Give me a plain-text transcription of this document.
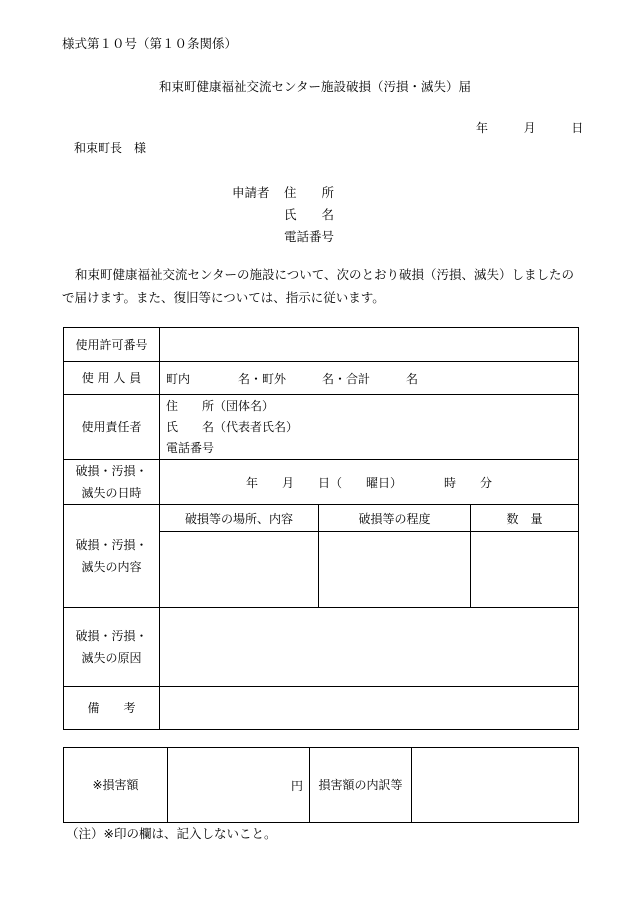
様式第１０号（第１０条関係）
和束町健康福祉交流センター施設破損（汚損・滅失）届
年	月	日
和束町長　様
申請者 住　　所
氏　　名
電話番号
和束町健康福祉交流センターの施設について、次のとおり破損（汚損、滅失）しましたので届けます。また、復旧等については、指示に従います。
使用許可番号			
使 用 人 員	町内　　　　名・町外　　　名・合計　　　名		
使用責任者	住　　所（団体名）
氏　　名（代表者氏名）
電話番号		

破損・汚損・
滅失の日時	年　　月　　日（　　曜日）　　　　時　　分		

破損・汚損・
滅失の内容	破損等の場所、内容	破損等の程度	数　量

破損・汚損・
滅失の原因			

備　　考			
※損害額	円	損害額の内訳等	
（注）※印の欄は、記入しないこと。
